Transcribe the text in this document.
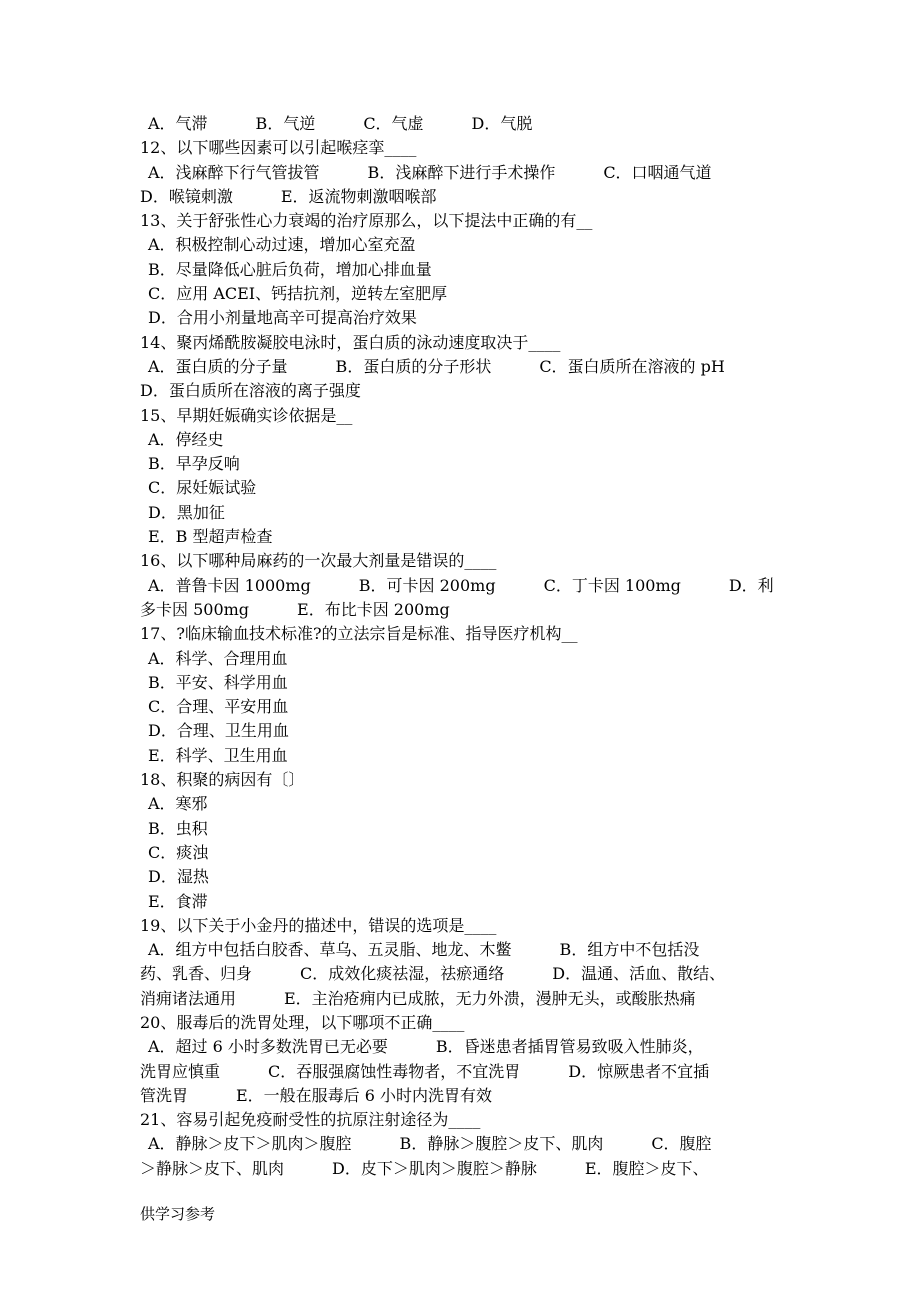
A．气滞　　　B．气逆　　　C．气虚　　　D．气脱
12、以下哪些因素可以引起喉痉挛____
A．浅麻醉下行气管拔管　　　B．浅麻醉下进行手术操作　　　C．口咽通气道
D．喉镜刺激　　　E．返流物刺激咽喉部
13、关于舒张性心力衰竭的治疗原那么，以下提法中正确的有__
A．积极控制心动过速，增加心室充盈
B．尽量降低心脏后负荷，增加心排血量
C．应用 ACEI、钙拮抗剂，逆转左室肥厚
D．合用小剂量地高辛可提高治疗效果
14、聚丙烯酰胺凝胶电泳时，蛋白质的泳动速度取决于____
A．蛋白质的分子量　　　B．蛋白质的分子形状　　　C．蛋白质所在溶液的 pH
D．蛋白质所在溶液的离子强度
15、早期妊娠确实诊依据是__
A．停经史
B．早孕反响
C．尿妊娠试验
D．黑加征
E．B 型超声检查
16、以下哪种局麻药的一次最大剂量是错误的____
A．普鲁卡因 1000mg　　　B．可卡因 200mg　　　C．丁卡因 100mg　　　D．利
多卡因 500mg　　　E．布比卡因 200mg
17、?临床输血技术标准?的立法宗旨是标准、指导医疗机构__
A．科学、合理用血
B．平安、科学用血
C．合理、平安用血
D．合理、卫生用血
E．科学、卫生用血
18、积聚的病因有〔〕
A．寒邪
B．虫积
C．痰浊
D．湿热
E．食滞
19、以下关于小金丹的描述中，错误的选项是____
A．组方中包括白胶香、草乌、五灵脂、地龙、木鳖　　　B．组方中不包括没
药、乳香、归身　　　C．成效化痰祛湿，祛瘀通络　　　D．温通、活血、散结、
消痈诸法通用　　　E．主治疮痈内已成脓，无力外溃，漫肿无头，或酸胀热痛
20、服毒后的洗胃处理，以下哪项不正确____
A．超过 6 小时多数洗胃已无必要　　　B．昏迷患者插胃管易致吸入性肺炎，
洗胃应慎重　　　C．吞服强腐蚀性毒物者，不宜洗胃　　　D．惊厥患者不宜插
管洗胃　　　E．一般在服毒后 6 小时内洗胃有效
21、容易引起免疫耐受性的抗原注射途径为____
A．静脉＞皮下＞肌肉＞腹腔　　　B．静脉＞腹腔＞皮下、肌肉　　　C．腹腔
＞静脉＞皮下、肌肉　　　D．皮下＞肌肉＞腹腔＞静脉　　　E．腹腔＞皮下、
供学习参考
